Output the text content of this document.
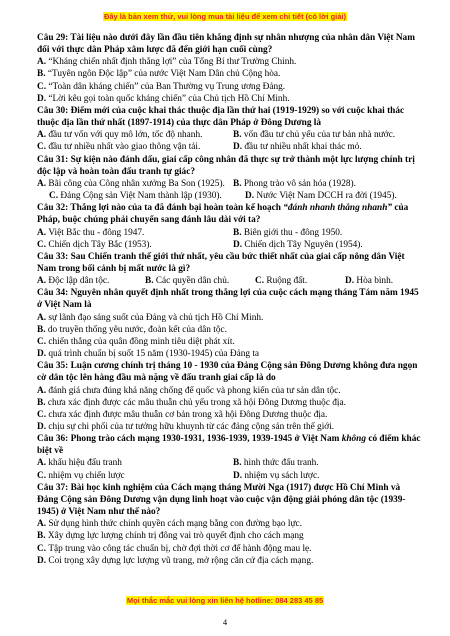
Đây là bản xem thử, vui lòng mua tài liệu để xem chi tiết (có lời giải)
Câu 29: Tài liệu nào dưới đây lần đầu tiên khẳng định sự nhân nhượng của nhân dân Việt Nam đối với thực dân Pháp xâm lược đã đến giới hạn cuối cùng?
A. “Kháng chiến nhất định thắng lợi” của Tổng Bí thư Trường Chinh.
B. “Tuyên ngôn Độc lập” của nước Việt Nam Dân chủ Cộng hòa.
C. “Toàn dân kháng chiến” của Ban Thường vụ Trung ương Đảng.
D. “Lời kêu gọi toàn quốc kháng chiến” của Chủ tịch Hồ Chí Minh.
Câu 30: Điểm mới của cuộc khai thác thuộc địa lần thứ hai (1919-1929) so với cuộc khai thác thuộc địa lần thứ nhất (1897-1914) của thực dân Pháp ở Đông Dương là
A. đầu tư vốn với quy mô lớn, tốc độ nhanh.	B. vốn đầu tư chủ yếu của tư bản nhà nước.
C. đầu tư nhiều nhất vào giao thông vận tải.	D. đầu tư nhiều nhất khai thác mỏ.
Câu 31: Sự kiện nào đánh dấu, giai cấp công nhân đã thực sự trở thành một lực lượng chính trị độc lập và hoàn toàn đấu tranh tự giác?
A. Bãi công của Công nhân xưởng Ba Son (1925). B. Phong trào vô sản hóa (1928).
C. Đảng Cộng sản Việt Nam thành lập (1930).	D. Nước Việt Nam DCCH ra đời (1945).
Câu 32: Thắng lợi nào của ta đã đánh bại hoàn toàn kế hoạch “đánh nhanh thắng nhanh” của Pháp, buộc chúng phải chuyển sang đánh lâu dài với ta?
A. Việt Bắc thu - đông 1947.	B. Biên giới thu - đông 1950.
C. Chiến dịch Tây Bắc (1953).	D. Chiến dịch Tây Nguyên (1954).
Câu 33: Sau Chiến tranh thế giới thứ nhất, yêu cầu bức thiết nhất của giai cấp nông dân Việt Nam trong bối cảnh bị mất nước là gì?
A. Độc lập dân tộc.	B. Các quyền dân chủ.	C. Ruộng đất.	D. Hòa bình.
Câu 34: Nguyên nhân quyết định nhất trong thắng lợi của cuộc cách mạng tháng Tám năm 1945 ở Việt Nam là
A. sự lãnh đạo sáng suốt của Đảng và chủ tịch Hồ Chí Minh.
B. do truyền thống yêu nước, đoàn kết của dân tộc.
C. chiến thắng của quân đồng minh tiêu diệt phát xít.
D. quá trình chuẩn bị suốt 15 năm (1930-1945) của Đảng ta
Câu 35: Luận cương chính trị tháng 10 - 1930 của Đảng Cộng sản Đông Dương không đưa ngọn cờ dân tộc lên hàng đầu mà nặng về đấu tranh giai cấp là do
A. đánh giá chưa đúng khả năng chống đế quốc và phong kiến của tư sản dân tộc.
B. chưa xác định được các mâu thuẫn chủ yếu trong xã hội Đông Dương thuộc địa.
C. chưa xác định được mâu thuẫn cơ bản trong xã hội Đông Dương thuộc địa.
D. chịu sự chi phối của tư tưởng hữu khuynh từ các đảng cộng sản trên thế giới.
Câu 36: Phong trào cách mạng 1930-1931, 1936-1939, 1939-1945 ở Việt Nam không có điểm khác biệt về
A. khẩu hiệu đấu tranh	B. hình thức đấu tranh.
C. nhiệm vụ chiến lược	D. nhiệm vụ sách lược.
Câu 37: Bài học kinh nghiệm của Cách mạng tháng Mười Nga (1917) được Hồ Chí Minh và Đảng Cộng sản Đông Dương vận dụng linh hoạt vào cuộc vận động giải phóng dân tộc (1939-1945) ở Việt Nam như thế nào?
A. Sử dụng hình thức chính quyền cách mạng bằng con đường bạo lực.
B. Xây dựng lực lượng chính trị đông vai trò quyết định cho cách mạng
C. Tập trung vào công tác chuẩn bị, chờ đợi thời cơ để hành động mau lẹ.
D. Coi trọng xây dựng lực lượng vũ trang, mở rộng căn cứ địa cách mạng.
Mọi thắc mắc vui lòng xin liên hệ hotline: 084 283 45 85
4
